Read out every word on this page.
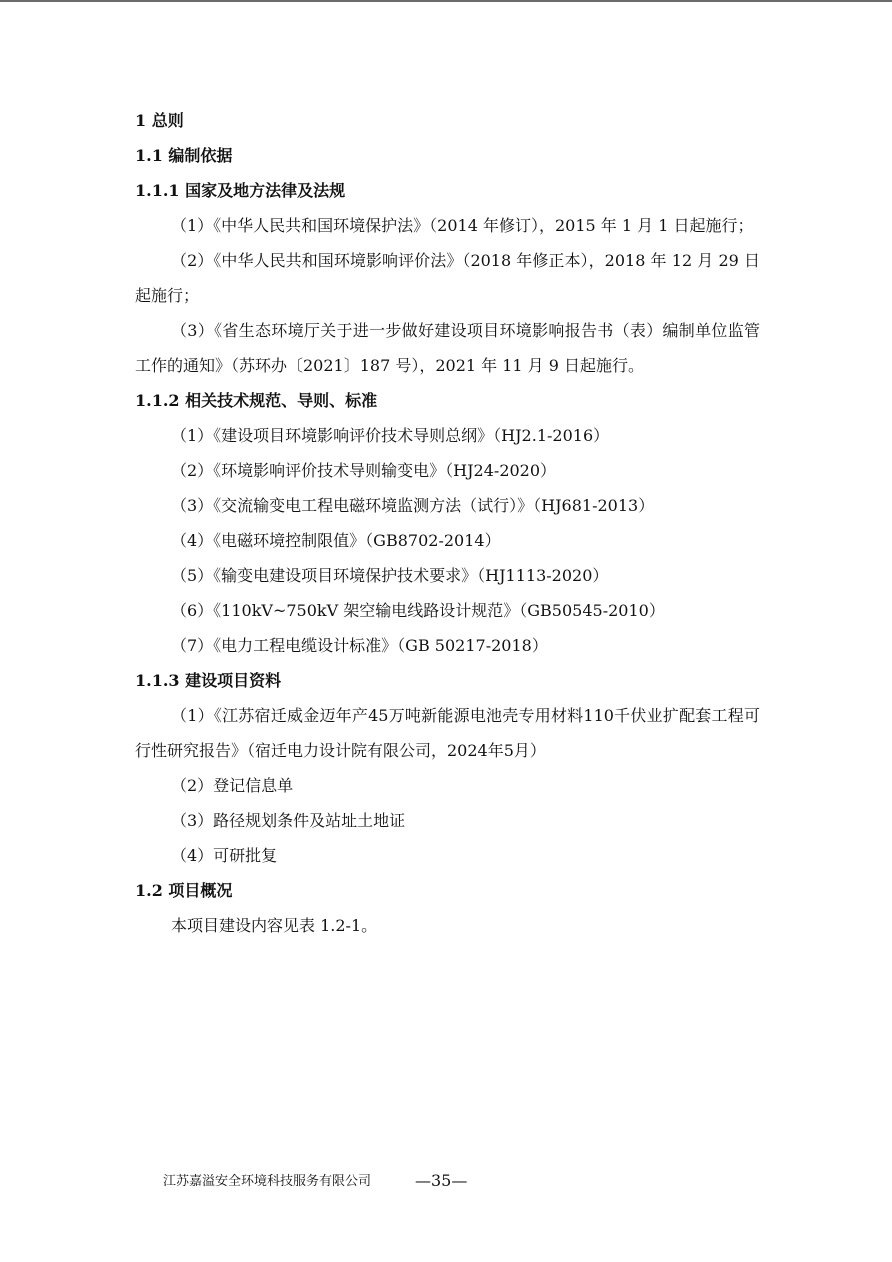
1 总则
1.1 编制依据
1.1.1 国家及地方法律及法规
（1）《中华人民共和国环境保护法》（2014 年修订），2015 年 1 月 1 日起施行；
（2）《中华人民共和国环境影响评价法》（2018 年修正本），2018 年 12 月 29 日起施行；
（3）《省生态环境厅关于进一步做好建设项目环境影响报告书（表）编制单位监管工作的通知》（苏环办〔2021〕187 号），2021 年 11 月 9 日起施行。
1.1.2 相关技术规范、导则、标准
（1）《建设项目环境影响评价技术导则总纲》（HJ2.1-2016）
（2）《环境影响评价技术导则输变电》（HJ24-2020）
（3）《交流输变电工程电磁环境监测方法（试行）》（HJ681-2013）
（4）《电磁环境控制限值》（GB8702-2014）
（5）《输变电建设项目环境保护技术要求》（HJ1113-2020）
（6）《110kV~750kV 架空输电线路设计规范》（GB50545-2010）
（7）《电力工程电缆设计标准》（GB 50217-2018）
1.1.3 建设项目资料
（1）《江苏宿迁威金迈年产45万吨新能源电池壳专用材料110千伏业扩配套工程可行性研究报告》（宿迁电力设计院有限公司，2024年5月）
（2）登记信息单
（3）路径规划条件及站址土地证
（4）可研批复
1.2 项目概况
本项目建设内容见表 1.2-1。
江苏嘉溢安全环境科技服务有限公司	—35—
